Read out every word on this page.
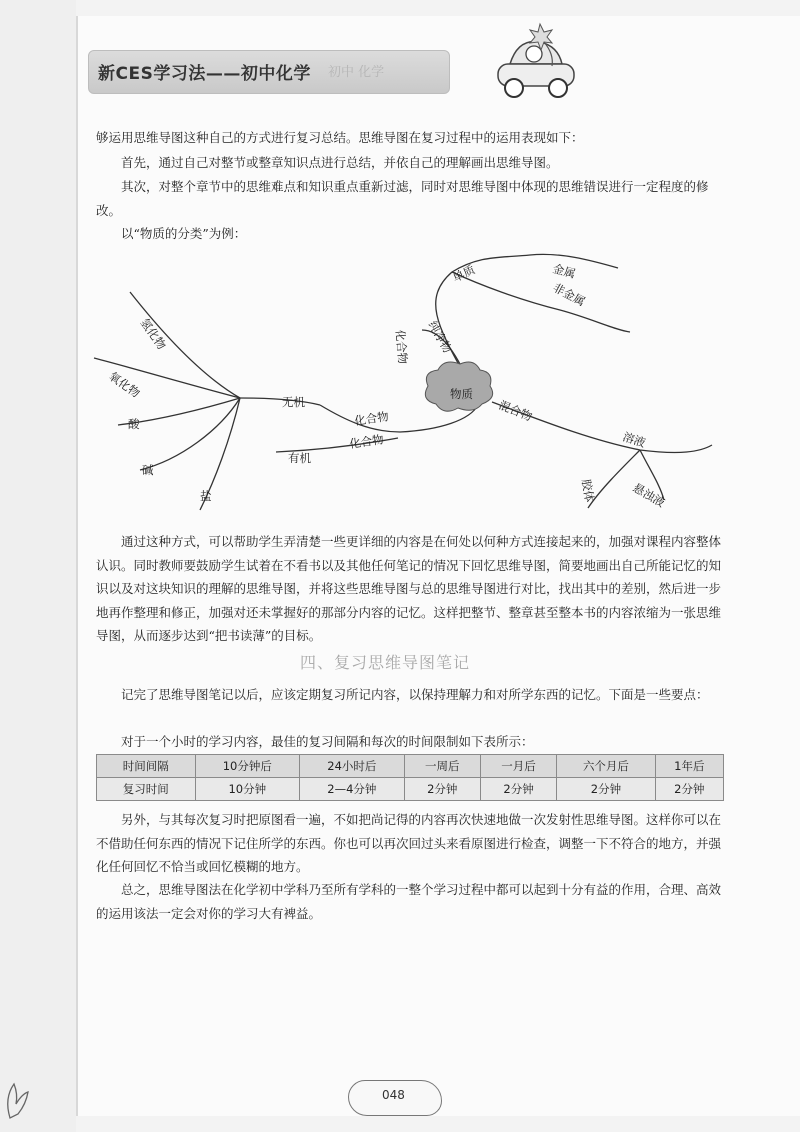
新CES学习法——初中化学 初中 化学
够运用思维导图这种自己的方式进行复习总结。思维导图在复习过程中的运用表现如下：
首先，通过自己对整节或整章知识点进行总结，并依自己的理解画出思维导图。
其次，对整个章节中的思维难点和知识重点重新过滤，同时对思维导图中体现的思维错误进行一定程度的修改。
以“物质的分类”为例：
物质
纯净物
单质	金属
非金属
化合物
混合物
化合物
化合物
无机
有机
氢化物
氧化物
酸
碱
盐
溶液
悬浊液
胶体
通过这种方式，可以帮助学生弄清楚一些更详细的内容是在何处以何种方式连接起来的，加强对课程内容整体认识。同时教师要鼓励学生试着在不看书以及其他任何笔记的情况下回忆思维导图，简要地画出自己所能记忆的知识以及对这块知识的理解的思维导图，并将这些思维导图与总的思维导图进行对比，找出其中的差别，然后进一步地再作整理和修正，加强对还未掌握好的那部分内容的记忆。这样把整节、整章甚至整本书的内容浓缩为一张思维导图，从而逐步达到“把书读薄”的目标。
四、复习思维导图笔记
记完了思维导图笔记以后，应该定期复习所记内容，以保持理解力和对所学东西的记忆。下面是一些要点：
对于一个小时的学习内容，最佳的复习间隔和每次的时间限制如下表所示：
时间间隔	10分钟后	24小时后	一周后	一月后	六个月后	1年后
复习时间	10分钟	2—4分钟	2分钟	2分钟	2分钟	2分钟
另外，与其每次复习时把原图看一遍，不如把尚记得的内容再次快速地做一次发射性思维导图。这样你可以在不借助任何东西的情况下记住所学的东西。你也可以再次回过头来看原图进行检查，调整一下不符合的地方，并强化任何回忆不恰当或回忆模糊的地方。
总之，思维导图法在化学初中学科乃至所有学科的一整个学习过程中都可以起到十分有益的作用，合理、高效的运用该法一定会对你的学习大有裨益。
048
